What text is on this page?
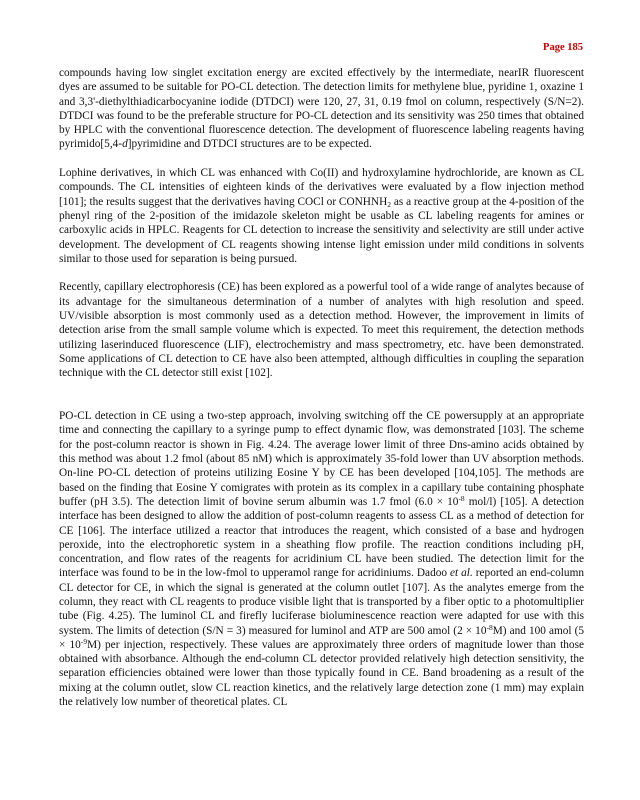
Page 185

compounds having low singlet excitation energy are excited effectively by the intermediate, nearIR fluorescent dyes are assumed to be suitable for PO-CL detection. The detection limits for methylene blue, pyridine 1, oxazine 1 and 3,3'-diethylthiadicarbocyanine iodide (DTDCI) were 120, 27, 31, 0.19 fmol on column, respectively (S/N=2). DTDCI was found to be the preferable structure for PO-CL detection and its sensitivity was 250 times that obtained by HPLC with the conventional fluorescence detection. The development of fluorescence labeling reagents having pyrimido[5,4-d]pyrimidine and DTDCI structures are to be expected.

Lophine derivatives, in which CL was enhanced with Co(II) and hydroxylamine hydrochloride, are known as CL compounds. The CL intensities of eighteen kinds of the derivatives were evaluated by a flow injection method [101]; the results suggest that the derivatives having COCl or $CONHNH_2$ as a reactive group at the 4-position of the phenyl ring of the 2-position of the imidazole skeleton might be usable as CL labeling reagents for amines or carboxylic acids in HPLC. Reagents for CL detection to increase the sensitivity and selectivity are still under active development. The development of CL reagents showing intense light emission under mild conditions in solvents similar to those used for separation is being pursued.

Recently, capillary electrophoresis (CE) has been explored as a powerful tool of a wide range of analytes because of its advantage for the simultaneous determination of a number of analytes with high resolution and speed. UV/visible absorption is most commonly used as a detection method. However, the improvement in limits of detection arise from the small sample volume which is expected. To meet this requirement, the detection methods utilizing laserinduced fluorescence (LIF), electrochemistry and mass spectrometry, etc. have been demonstrated. Some applications of CL detection to CE have also been attempted, although difficulties in coupling the separation technique with the CL detector still exist [102].

PO-CL detection in CE using a two-step approach, involving switching off the CE powersupply at an appropriate time and connecting the capillary to a syringe pump to effect dynamic flow, was demonstrated [103]. The scheme for the post-column reactor is shown in Fig. 4.24. The average lower limit of three Dns-amino acids obtained by this method was about 1.2 fmol (about 85 nM) which is approximately 35-fold lower than UV absorption methods. On-line PO-CL detection of proteins utilizing Eosine Y by CE has been developed [104,105]. The methods are based on the finding that Eosine Y comigrates with protein as its complex in a capillary tube containing phosphate buffer (pH 3.5). The detection limit of bovine serum albumin was 1.7 fmol ($6.0 \times 10^{-8}$ mol/l) [105]. A detection interface has been designed to allow the addition of post-column reagents to assess CL as a method of detection for CE [106]. The interface utilized a reactor that introduces the reagent, which consisted of a base and hydrogen peroxide, into the electrophoretic system in a sheathing flow profile. The reaction conditions including pH, concentration, and flow rates of the reagents for acridinium CL have been studied. The detection limit for the interface was found to be in the low-fmol to upperamol range for acridiniums. Dadoo et al. reported an end-column CL detector for CE, in which the signal is generated at the column outlet [107]. As the analytes emerge from the column, they react with CL reagents to produce visible light that is transported by a fiber optic to a photomultiplier tube (Fig. 4.25). The luminol CL and firefly luciferase bioluminescence reaction were adapted for use with this system. The limits of detection (S/N = 3) measured for luminol and ATP are 500 amol $(2 \times 10^{-8}M)$ and 100 amol $(5 \times 10^{-9}M)$ per injection, respectively. These values are approximately three orders of magnitude lower than those obtained with absorbance. Although the end-column CL detector provided relatively high detection sensitivity, the separation efficiencies obtained were lower than those typically found in CE. Band broadening as a result of the mixing at the column outlet, slow CL reaction kinetics, and the relatively large detection zone (1 mm) may explain the relatively low number of theoretical plates. CL
